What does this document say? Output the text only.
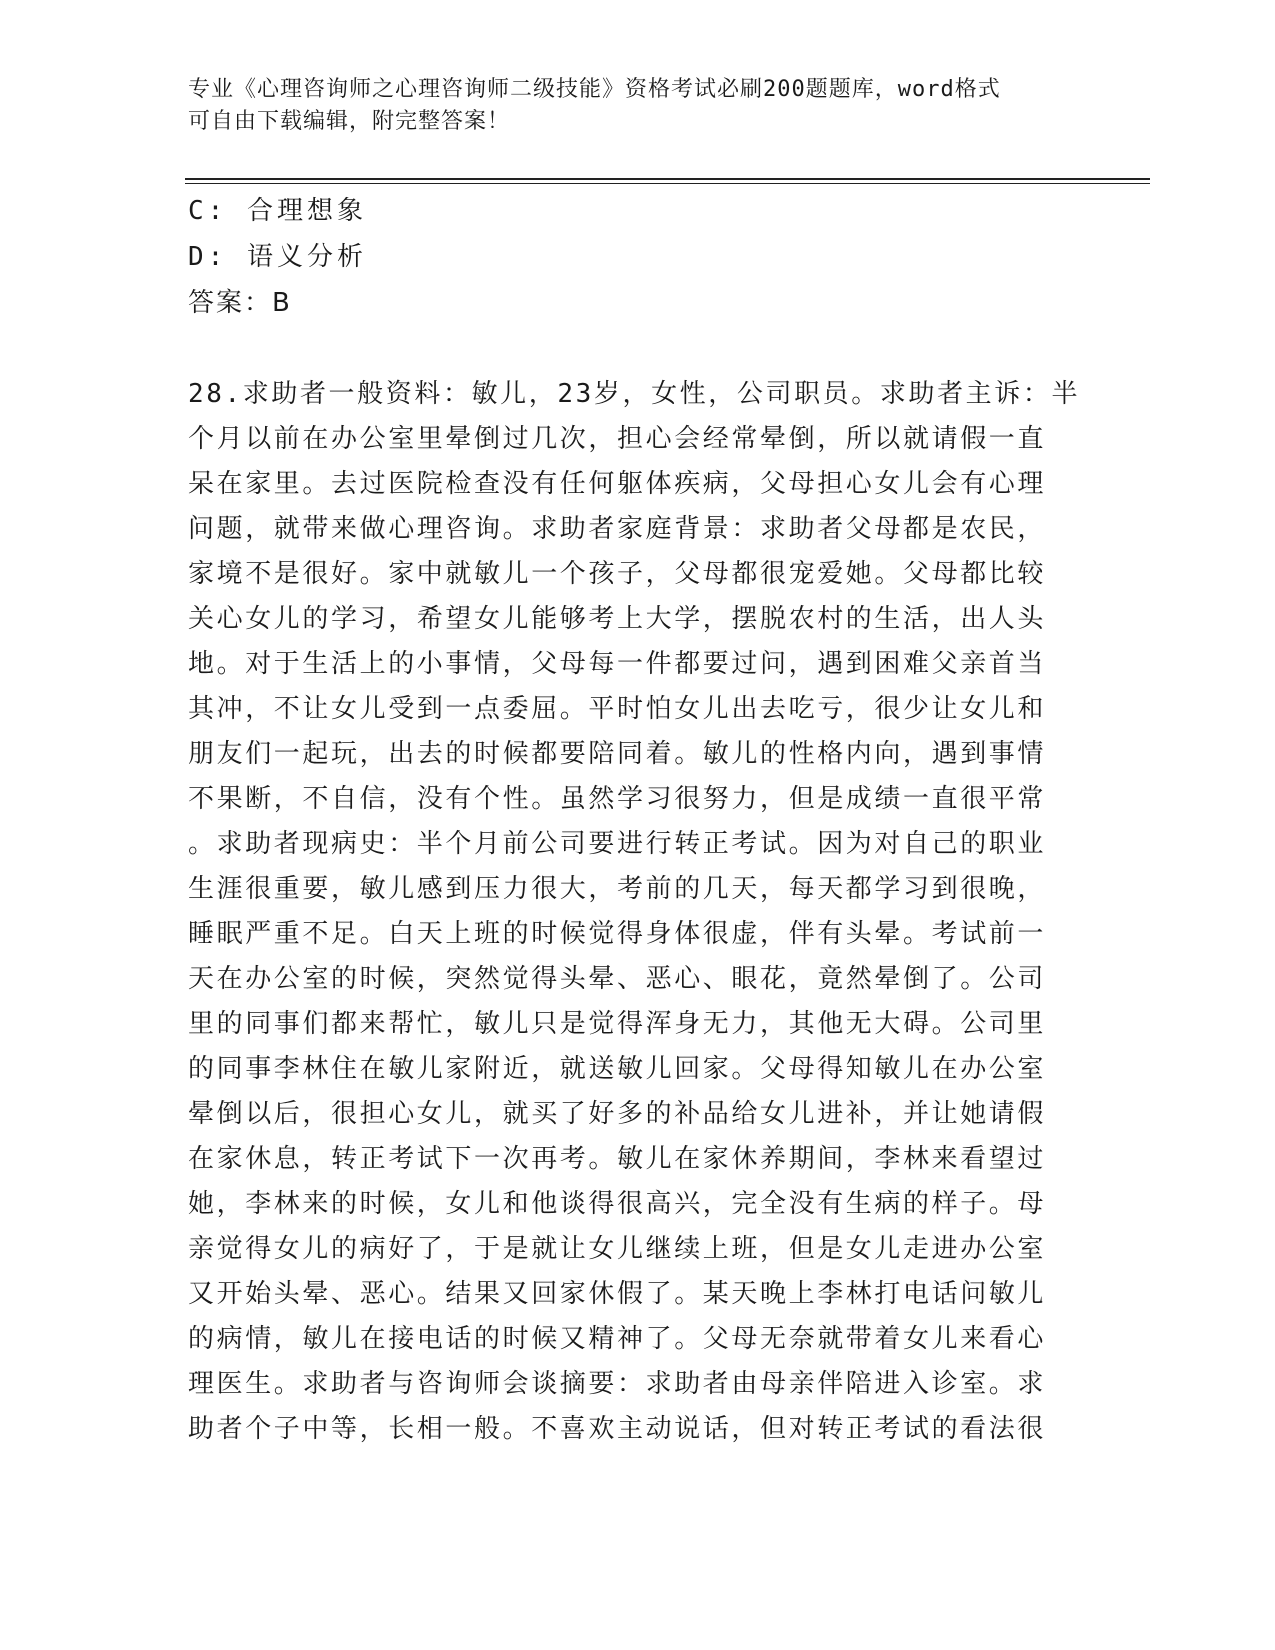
专业《心理咨询师之心理咨询师二级技能》资格考试必刷200题题库，word格式
可自由下载编辑，附完整答案！
C: 合理想象
D: 语义分析
答案：B
28.求助者一般资料：敏儿，23岁，女性，公司职员。求助者主诉：半
个月以前在办公室里晕倒过几次，担心会经常晕倒，所以就请假一直
呆在家里。去过医院检查没有任何躯体疾病，父母担心女儿会有心理
问题，就带来做心理咨询。求助者家庭背景：求助者父母都是农民，
家境不是很好。家中就敏儿一个孩子，父母都很宠爱她。父母都比较
关心女儿的学习，希望女儿能够考上大学，摆脱农村的生活，出人头
地。对于生活上的小事情，父母每一件都要过问，遇到困难父亲首当
其冲，不让女儿受到一点委屈。平时怕女儿出去吃亏，很少让女儿和
朋友们一起玩，出去的时候都要陪同着。敏儿的性格内向，遇到事情
不果断，不自信，没有个性。虽然学习很努力，但是成绩一直很平常
。求助者现病史：半个月前公司要进行转正考试。因为对自己的职业
生涯很重要，敏儿感到压力很大，考前的几天，每天都学习到很晚，
睡眠严重不足。白天上班的时候觉得身体很虚，伴有头晕。考试前一
天在办公室的时候，突然觉得头晕、恶心、眼花，竟然晕倒了。公司
里的同事们都来帮忙，敏儿只是觉得浑身无力，其他无大碍。公司里
的同事李林住在敏儿家附近，就送敏儿回家。父母得知敏儿在办公室
晕倒以后，很担心女儿，就买了好多的补品给女儿进补，并让她请假
在家休息，转正考试下一次再考。敏儿在家休养期间，李林来看望过
她，李林来的时候，女儿和他谈得很高兴，完全没有生病的样子。母
亲觉得女儿的病好了，于是就让女儿继续上班，但是女儿走进办公室
又开始头晕、恶心。结果又回家休假了。某天晚上李林打电话问敏儿
的病情，敏儿在接电话的时候又精神了。父母无奈就带着女儿来看心
理医生。求助者与咨询师会谈摘要：求助者由母亲伴陪进入诊室。求
助者个子中等，长相一般。不喜欢主动说话，但对转正考试的看法很
